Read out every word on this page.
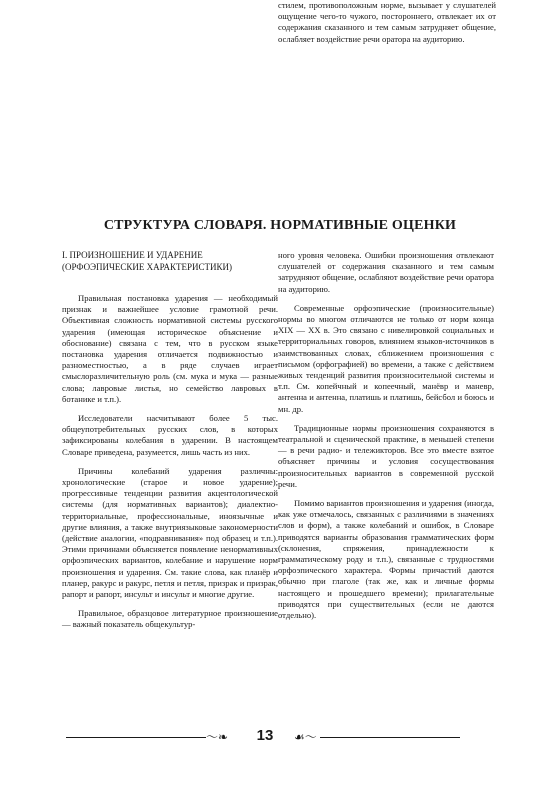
стилем, противоположным норме, вызывает у слушателей ощущение чего-то чужого, постороннего, отвлекает их от содержания сказанного и тем самым затрудняет общение, ослабляет воздействие речи оратора на аудиторию.

СТРУКТУРА СЛОВАРЯ. НОРМАТИВНЫЕ ОЦЕНКИ
I. ПРОИЗНОШЕНИЕ И УДАРЕНИЕ
(ОРФОЭПИЧЕСКИЕ ХАРАКТЕРИСТИКИ)

Правильная постановка ударения — необходимый признак и важнейшее условие грамотной речи. Объективная сложность нормативной системы русского ударения (имеющая историческое объяснение и обоснование) связана с тем, что в русском языке постановка ударения отличается подвижностью и разноместностью, а в ряде случаев играет смыслоразличительную роль (см. мука и мука — разные слова; лавровые листья, но семейство лавровых в ботанике и т.п.).

Исследователи насчитывают более 5 тыс. общеупотребительных русских слов, в которых зафиксированы колебания в ударении. В настоящем Словаре приведена, разумеется, лишь часть из них.

Причины колебаний ударения различны: хронологические (старое и новое ударение); прогрессивные тенденции развития акцентологической системы (для нормативных вариантов); диалектно-территориальные, профессиональные, иноязычные и другие влияния, а также внутриязыковые закономерности (действие аналогии, «подравнивания» под образец и т.п.). Этими причинами объясняется появление ненормативных орфоэпических вариантов, колебание и нарушение норм произношения и ударения. См. такие слова, как планёр и планер, ракурс и ракурс, петля и петля, призрак и призрак, рапорт и рапорт, инсульт и инсульт и многие другие.

Правильное, образцовое литературное произношение — важный показатель общекультур-

ного уровня человека. Ошибки произношения отвлекают слушателей от содержания сказанного и тем самым затрудняют общение, ослабляют воздействие речи оратора на аудиторию.

Современные орфоэпические (произносительные) нормы во многом отличаются не только от норм конца XIX — XX в. Это связано с нивелировкой социальных и территориальных говоров, влиянием языков-источников в заимствованных словах, сближением произношения с письмом (орфографией) во времени, а также с действием живых тенденций развития произносительной системы и т.п. См. копейчный и копеечный, манёвр и маневр, антенна и антенна, платишь и платишь, бейсбол и боюсь и мн. др.

Традиционные нормы произношения сохраняются в театральной и сценической практике, в меньшей степени — в речи радио- и тележикторов. Все это вместе взятое объясняет причины и условия сосуществования произносительных вариантов в современной русской речи.

Помимо вариантов произношения и ударения (иногда, как уже отмечалось, связанных с различиями в значениях слов и форм), а также колебаний и ошибок, в Словаре приводятся варианты образования грамматических форм (склонения, спряжения, принадлежности к грамматическому роду и т.п.), связанные с трудностями орфоэпического характера. Формы причастий даются обычно при глаголе (так же, как и личные формы настоящего и прошедшего времени); прилагательные приводятся при существительных (если не даются отдельно).

〜❧	13	☙〜
